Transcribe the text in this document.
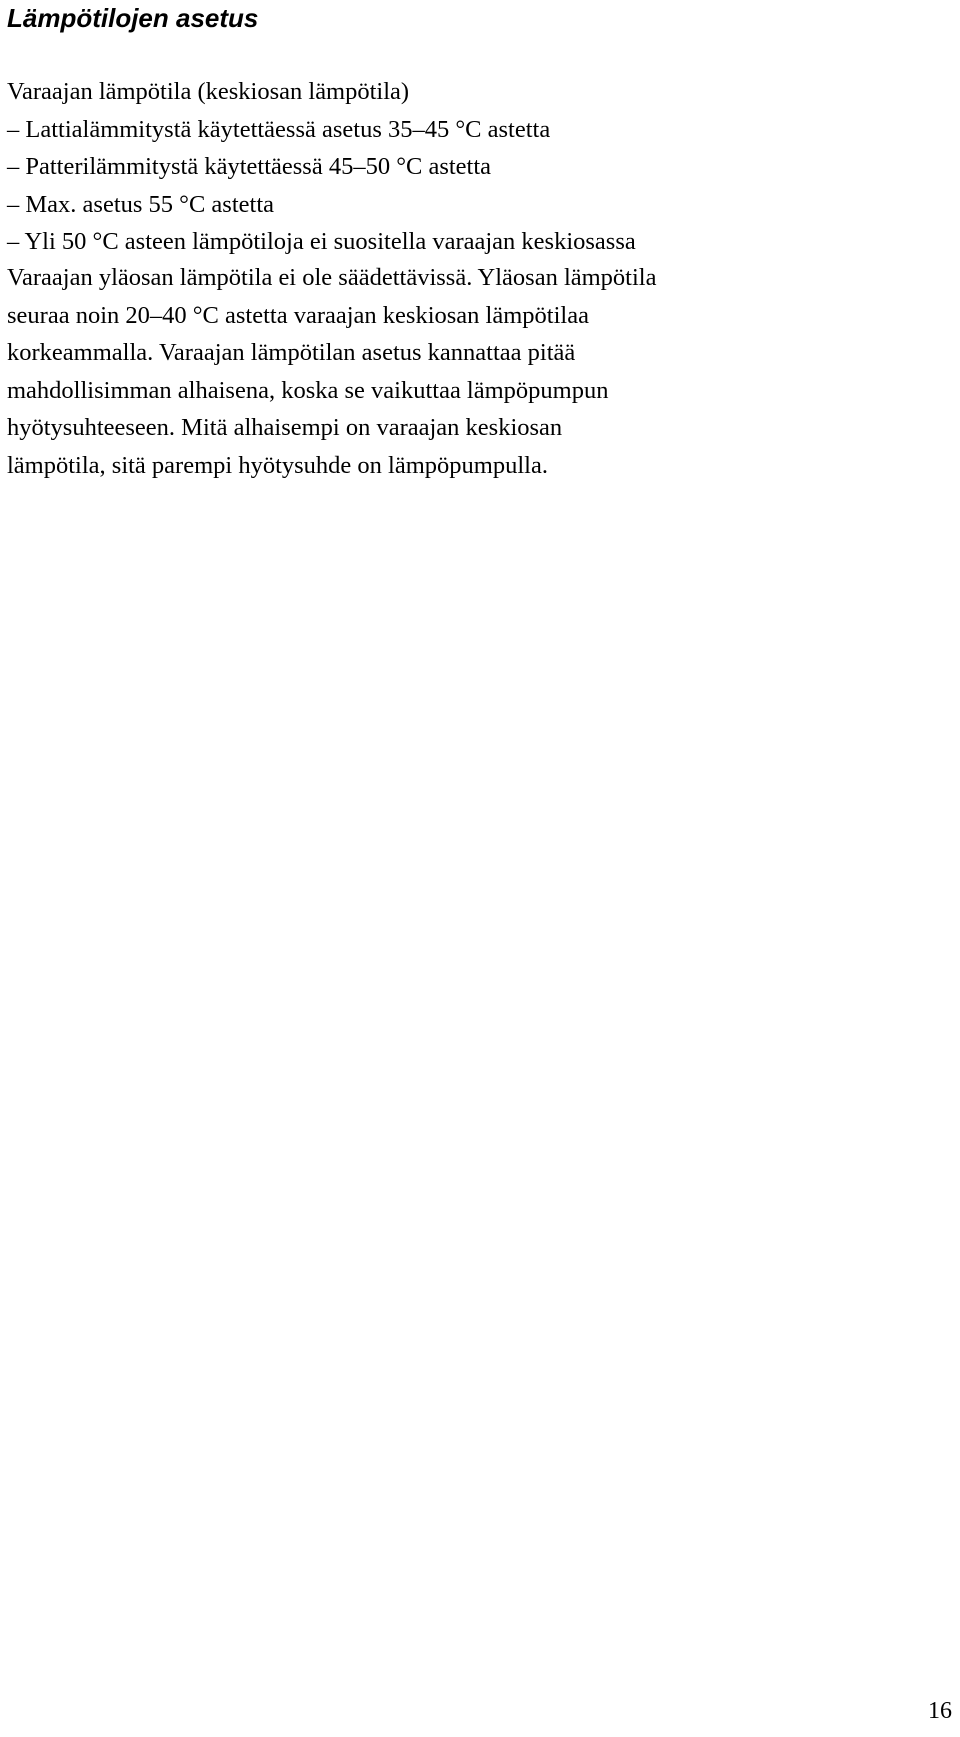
Lämpötilojen asetus
Varaajan lämpötila (keskiosan lämpötila)
– Lattialämmitystä käytettäessä asetus 35–45 °C astetta
– Patterilämmitystä käytettäessä 45–50 °C astetta
– Max. asetus 55 °C astetta
– Yli 50 °C asteen lämpötiloja ei suositella varaajan keskiosassa
Varaajan yläosan lämpötila ei ole säädettävissä. Yläosan lämpötila
seuraa noin 20–40 °C astetta varaajan keskiosan lämpötilaa
korkeammalla. Varaajan lämpötilan asetus kannattaa pitää
mahdollisimman alhaisena, koska se vaikuttaa lämpöpumpun
hyötysuhteeseen. Mitä alhaisempi on varaajan keskiosan
lämpötila, sitä parempi hyötysuhde on lämpöpumpulla.
16
